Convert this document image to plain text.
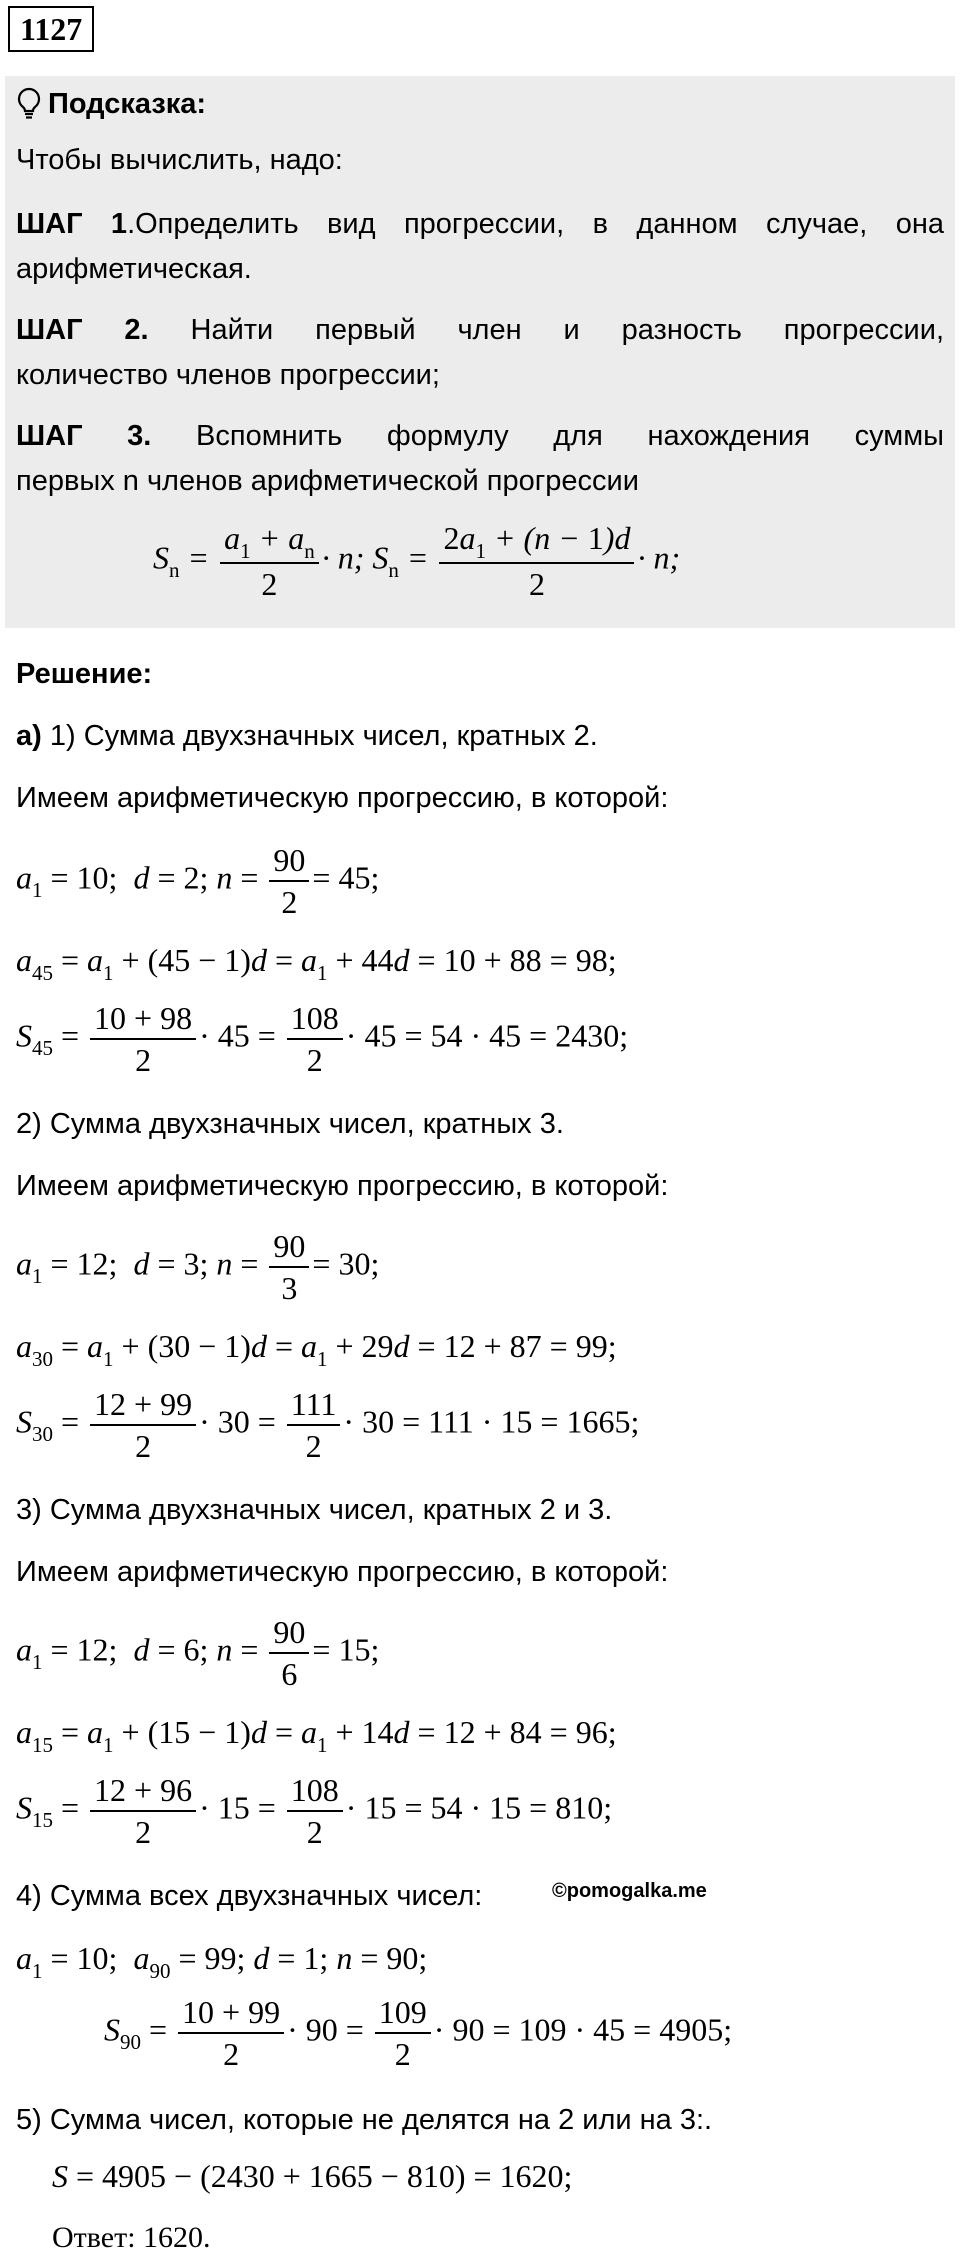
1127
Подсказка:
Чтобы вычислить, надо:
ШАГ 1.Определить вид прогрессии, в данном случае, она
арифметическая.
ШАГ 2. Найти первый член и разность прогрессии,
количество членов прогрессии;
ШАГ 3. Вспомнить формулу для нахождения суммы
первых n членов арифметической прогрессии
$S_n = \frac{a_1 + a_n}{2} \cdot n$; $S_n = \frac{2a_1 + (n - 1)d}{2} \cdot n$;
Решение:
а) 1) Сумма двухзначных чисел, кратных 2.
Имеем арифметическую прогрессию, в которой:
$a_1 = 10$;  d = 2; $n = \frac{90}{2} = 45$;
$a_{45} = a_1 + (45 - 1)d = a_1 + 44d = 10 + 88 = 98$;
$S_{45} = \frac{10 + 98}{2} \cdot 45 = \frac{108}{2} \cdot 45 = 54 \cdot 45 = 2430$;
2) Сумма двухзначных чисел, кратных 3.
Имеем арифметическую прогрессию, в которой:
$a_1 = 12$;  d = 3; $n = \frac{90}{3} = 30$;
$a_{30} = a_1 + (30 - 1)d = a_1 + 29d = 12 + 87 = 99$;
$S_{30} = \frac{12 + 99}{2} \cdot 30 = \frac{111}{2} \cdot 30 = 111 \cdot 15 = 1665$;
3) Сумма двухзначных чисел, кратных 2 и 3.
Имеем арифметическую прогрессию, в которой:
$a_1 = 12$;  d = 6; $n = \frac{90}{6} = 15$;
$a_{15} = a_1 + (15 - 1)d = a_1 + 14d = 12 + 84 = 96$;
$S_{15} = \frac{12 + 96}{2} \cdot 15 = \frac{108}{2} \cdot 15 = 54 \cdot 15 = 810$;
4) Сумма всех двухзначных чисел:	©pomogalka.me
$a_1 = 10$;  $a_{90} = 99$; d = 1; n = 90;
$S_{90} = \frac{10 + 99}{2} \cdot 90 = \frac{109}{2} \cdot 90 = 109 \cdot 45 = 4905$;
5) Сумма чисел, которые не делятся на 2 или на 3:.
S = 4905 − (2430 + 1665 − 810) = 1620;
Ответ: 1620.
